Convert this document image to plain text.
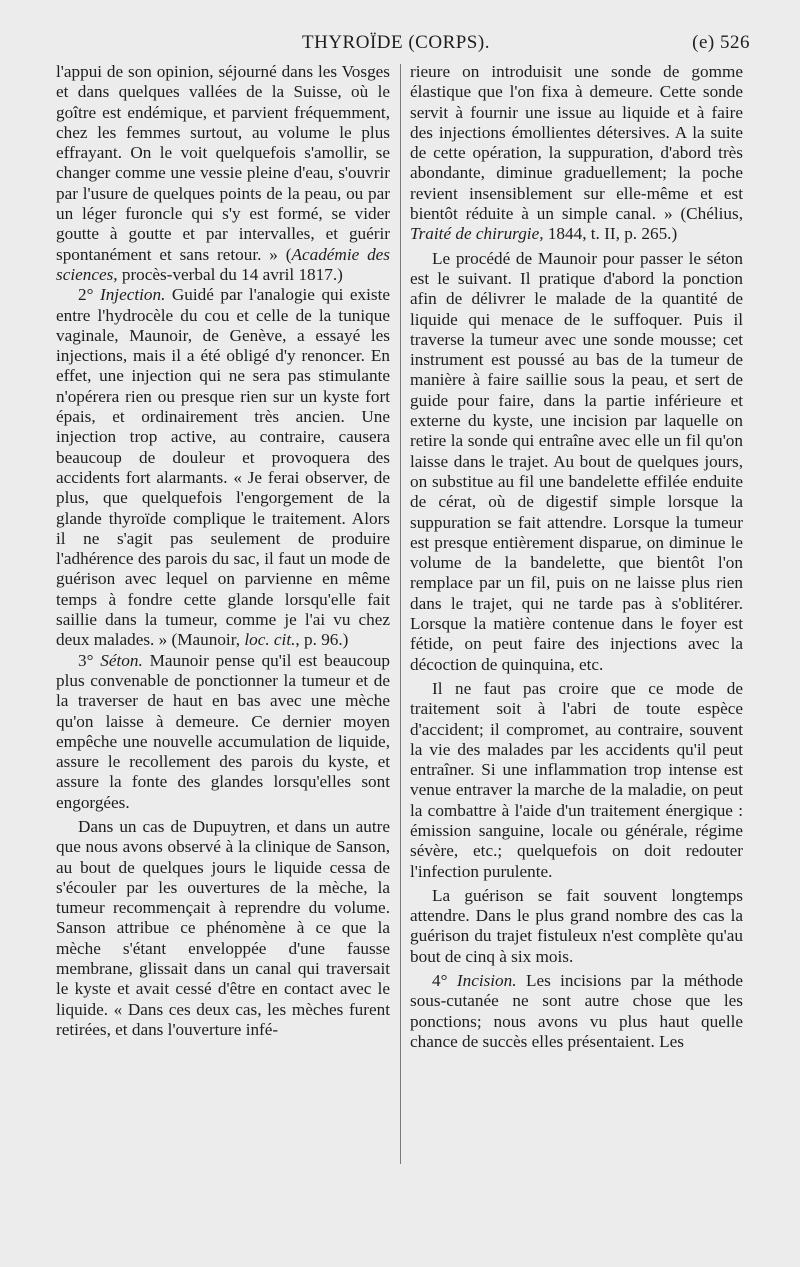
THYROÏDE (CORPS).	(e) 526

l'appui de son opinion, séjourné dans les Vosges et dans quelques vallées de la Suisse, où le goître est endémique, et parvient fréquemment, chez les femmes surtout, au volume le plus effrayant. On le voit quelquefois s'amollir, se changer comme une vessie pleine d'eau, s'ouvrir par l'usure de quelques points de la peau, ou par un léger furoncle qui s'y est formé, se vider goutte à goutte et par intervalles, et guérir spontanément et sans retour. » (Académie des sciences, procès-verbal du 14 avril 1817.)

2° Injection. Guidé par l'analogie qui existe entre l'hydrocèle du cou et celle de la tunique vaginale, Maunoir, de Genève, a essayé les injections, mais il a été obligé d'y renoncer. En effet, une injection qui ne sera pas stimulante n'opérera rien ou presque rien sur un kyste fort épais, et ordinairement très ancien. Une injection trop active, au contraire, causera beaucoup de douleur et provoquera des accidents fort alarmants. « Je ferai observer, de plus, que quelquefois l'engorgement de la glande thyroïde complique le traitement. Alors il ne s'agit pas seulement de produire l'adhérence des parois du sac, il faut un mode de guérison avec lequel on parvienne en même temps à fondre cette glande lorsqu'elle fait saillie dans la tumeur, comme je l'ai vu chez deux malades. » (Maunoir, loc. cit., p. 96.)

3° Séton. Maunoir pense qu'il est beaucoup plus convenable de ponctionner la tumeur et de la traverser de haut en bas avec une mèche qu'on laisse à demeure. Ce dernier moyen empêche une nouvelle accumulation de liquide, assure le recollement des parois du kyste, et assure la fonte des glandes lorsqu'elles sont engorgées.

Dans un cas de Dupuytren, et dans un autre que nous avons observé à la clinique de Sanson, au bout de quelques jours le liquide cessa de s'écouler par les ouvertures de la mèche, la tumeur recommençait à reprendre du volume. Sanson attribue ce phénomène à ce que la mèche s'étant enveloppée d'une fausse membrane, glissait dans un canal qui traversait le kyste et avait cessé d'être en contact avec le liquide. « Dans ces deux cas, les mèches furent retirées, et dans l'ouverture infé-

rieure on introduisit une sonde de gomme élastique que l'on fixa à demeure. Cette sonde servit à fournir une issue au liquide et à faire des injections émollientes détersives. A la suite de cette opération, la suppuration, d'abord très abondante, diminue graduellement; la poche revient insensiblement sur elle-même et est bientôt réduite à un simple canal. » (Chélius, Traité de chirurgie, 1844, t. II, p. 265.)

Le procédé de Maunoir pour passer le séton est le suivant. Il pratique d'abord la ponction afin de délivrer le malade de la quantité de liquide qui menace de le suffoquer. Puis il traverse la tumeur avec une sonde mousse; cet instrument est poussé au bas de la tumeur de manière à faire saillie sous la peau, et sert de guide pour faire, dans la partie inférieure et externe du kyste, une incision par laquelle on retire la sonde qui entraîne avec elle un fil qu'on laisse dans le trajet. Au bout de quelques jours, on substitue au fil une bandelette effilée enduite de cérat, où de digestif simple lorsque la suppuration se fait attendre. Lorsque la tumeur est presque entièrement disparue, on diminue le volume de la bandelette, que bientôt l'on remplace par un fil, puis on ne laisse plus rien dans le trajet, qui ne tarde pas à s'oblitérer. Lorsque la matière contenue dans le foyer est fétide, on peut faire des injections avec la décoction de quinquina, etc.

Il ne faut pas croire que ce mode de traitement soit à l'abri de toute espèce d'accident; il compromet, au contraire, souvent la vie des malades par les accidents qu'il peut entraîner. Si une inflammation trop intense est venue entraver la marche de la maladie, on peut la combattre à l'aide d'un traitement énergique : émission sanguine, locale ou générale, régime sévère, etc.; quelquefois on doit redouter l'infection purulente.

La guérison se fait souvent longtemps attendre. Dans le plus grand nombre des cas la guérison du trajet fistuleux n'est complète qu'au bout de cinq à six mois.

4° Incision. Les incisions par la méthode sous-cutanée ne sont autre chose que les ponctions; nous avons vu plus haut quelle chance de succès elles présentaient. Les
